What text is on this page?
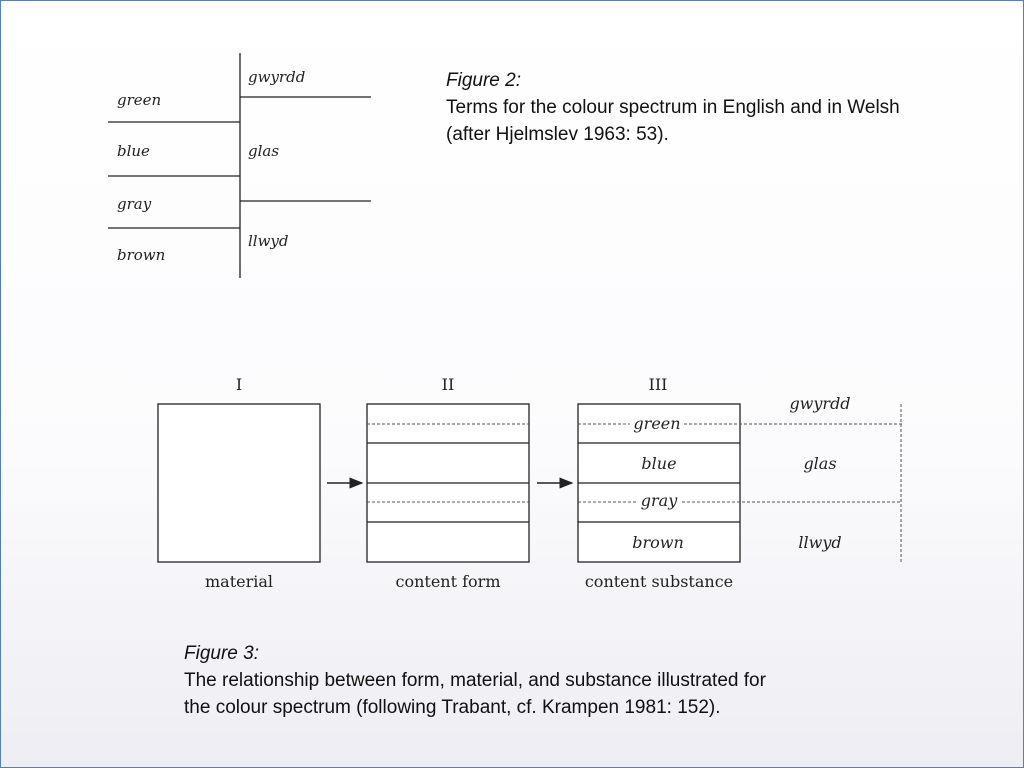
green
blue
gray
brown
gwyrdd
glas
llwyd
I	II	III
green
blue
gray
brown
gwyrdd
glas
llwyd
material	content form	content substance
Figure 2:
Terms for the colour spectrum in English and in Welsh
(after Hjelmslev 1963: 53).
Figure 3:
The relationship between form, material, and substance illustrated for
the colour spectrum (following Trabant, cf. Krampen 1981: 152).
